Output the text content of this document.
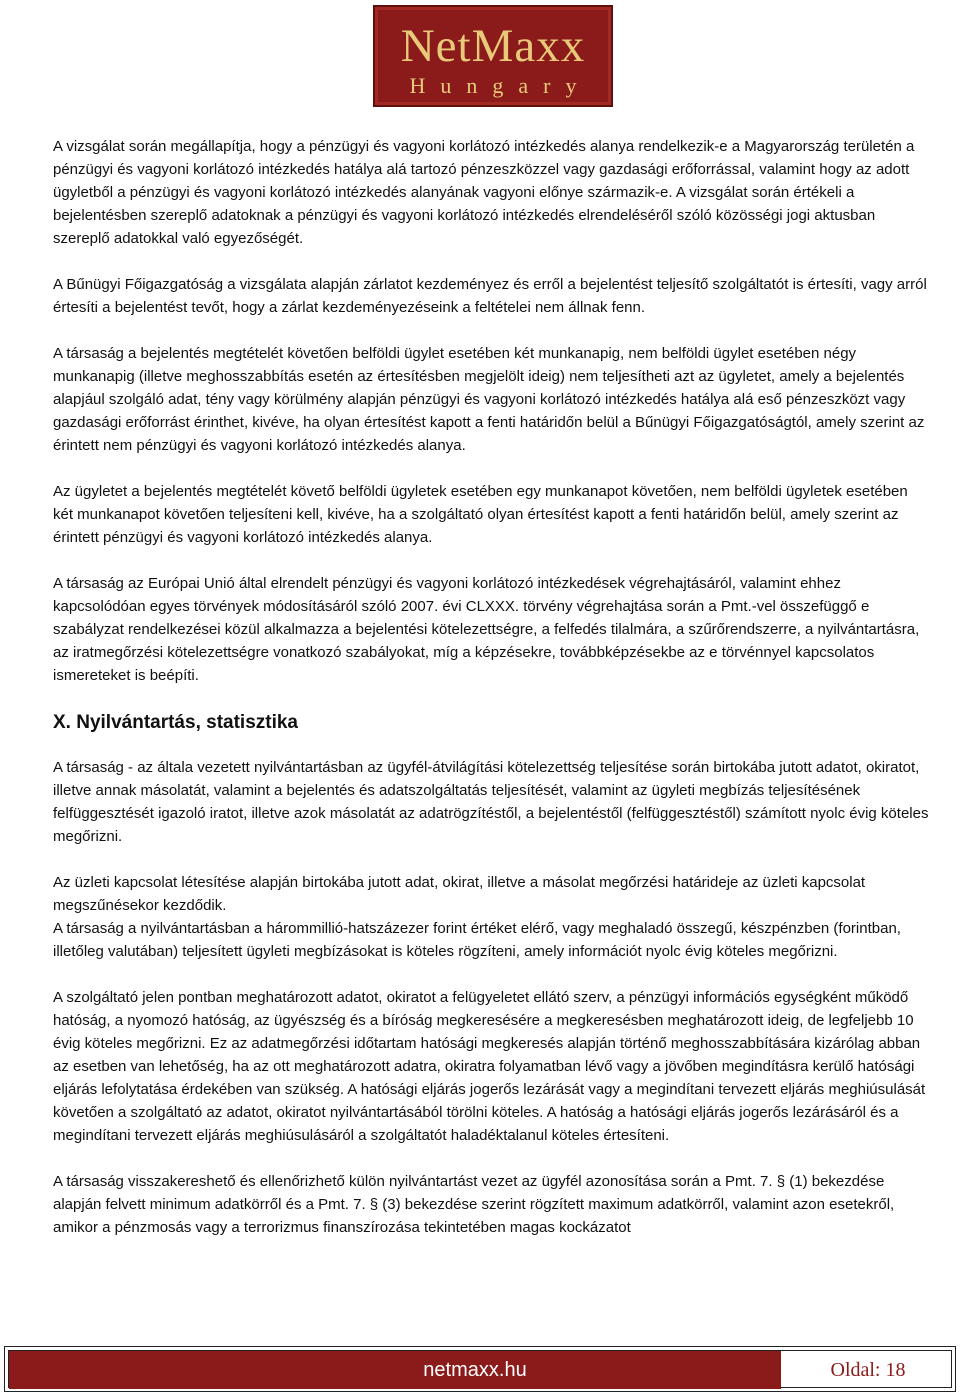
NetMaxx
Hungary

A vizsgálat során megállapítja, hogy a pénzügyi és vagyoni korlátozó intézkedés alanya rendelkezik-e a Magyarország területén a pénzügyi és vagyoni korlátozó intézkedés hatálya alá tartozó pénzeszközzel vagy gazdasági erőforrással, valamint hogy az adott ügyletből a pénzügyi és vagyoni korlátozó intézkedés alanyának vagyoni előnye származik-e. A vizsgálat során értékeli a bejelentésben szereplő adatoknak a pénzügyi és vagyoni korlátozó intézkedés elrendeléséről szóló közösségi jogi aktusban szereplő adatokkal való egyezőségét.

A Bűnügyi Főigazgatóság a vizsgálata alapján zárlatot kezdeményez és erről a bejelentést teljesítő szolgáltatót is értesíti, vagy arról értesíti a bejelentést tevőt, hogy a zárlat kezdeményezéseink a feltételei nem állnak fenn.

A társaság a bejelentés megtételét követően belföldi ügylet esetében két munkanapig, nem belföldi ügylet esetében négy munkanapig (illetve meghosszabbítás esetén az értesítésben megjelölt ideig) nem teljesítheti azt az ügyletet, amely a bejelentés alapjául szolgáló adat, tény vagy körülmény alapján pénzügyi és vagyoni korlátozó intézkedés hatálya alá eső pénzeszközt vagy gazdasági erőforrást érinthet, kivéve, ha olyan értesítést kapott a fenti határidőn belül a Bűnügyi Főigazgatóságtól, amely szerint az érintett nem pénzügyi és vagyoni korlátozó intézkedés alanya.

Az ügyletet a bejelentés megtételét követő belföldi ügyletek esetében egy munkanapot követően, nem belföldi ügyletek esetében két munkanapot követően teljesíteni kell, kivéve, ha a szolgáltató olyan értesítést kapott a fenti határidőn belül, amely szerint az érintett pénzügyi és vagyoni korlátozó intézkedés alanya.

A társaság az Európai Unió által elrendelt pénzügyi és vagyoni korlátozó intézkedések végrehajtásáról, valamint ehhez kapcsolódóan egyes törvények módosításáról szóló 2007. évi CLXXX. törvény végrehajtása során a Pmt.-vel összefüggő e szabályzat rendelkezései közül alkalmazza a bejelentési kötelezettségre, a felfedés tilalmára, a szűrőrendszerre, a nyilvántartásra, az iratmegőrzési kötelezettségre vonatkozó szabályokat, míg a képzésekre, továbbképzésekbe az e törvénnyel kapcsolatos ismereteket is beépíti.

X. Nyilvántartás, statisztika

A társaság - az általa vezetett nyilvántartásban az ügyfél-átvilágítási kötelezettség teljesítése során birtokába jutott adatot, okiratot, illetve annak másolatát, valamint a bejelentés és adatszolgáltatás teljesítését, valamint az ügyleti megbízás teljesítésének felfüggesztését igazoló iratot, illetve azok másolatát az adatrögzítéstől, a bejelentéstől (felfüggesztéstől) számított nyolc évig köteles megőrizni.

Az üzleti kapcsolat létesítése alapján birtokába jutott adat, okirat, illetve a másolat megőrzési határideje az üzleti kapcsolat megszűnésekor kezdődik.

A társaság a nyilvántartásban a hárommillió-hatszázezer forint értéket elérő, vagy meghaladó összegű, készpénzben (forintban, illetőleg valutában) teljesített ügyleti megbízásokat is köteles rögzíteni, amely információt nyolc évig köteles megőrizni.

A szolgáltató jelen pontban meghatározott adatot, okiratot a felügyeletet ellátó szerv, a pénzügyi információs egységként működő hatóság, a nyomozó hatóság, az ügyészség és a bíróság megkeresésére a megkeresésben meghatározott ideig, de legfeljebb 10 évig köteles megőrizni. Ez az adatmegőrzési időtartam hatósági megkeresés alapján történő meghosszabbítására kizárólag abban az esetben van lehetőség, ha az ott meghatározott adatra, okiratra folyamatban lévő vagy a jövőben megindításra kerülő hatósági eljárás lefolytatása érdekében van szükség. A hatósági eljárás jogerős lezárását vagy a megindítani tervezett eljárás meghiúsulását követően a szolgáltató az adatot, okiratot nyilvántartásából törölni köteles. A hatóság a hatósági eljárás jogerős lezárásáról és a megindítani tervezett eljárás meghiúsulásáról a szolgáltatót haladéktalanul köteles értesíteni.

A társaság visszakereshető és ellenőrizhető külön nyilvántartást vezet az ügyfél azonosítása során a Pmt. 7. § (1) bekezdése alapján felvett minimum adatkörről és a Pmt. 7. § (3) bekezdése szerint rögzített maximum adatkörről, valamint azon esetekről, amikor a pénzmosás vagy a terrorizmus finanszírozása tekintetében magas kockázatot

netmaxx.hu	Oldal: 18
